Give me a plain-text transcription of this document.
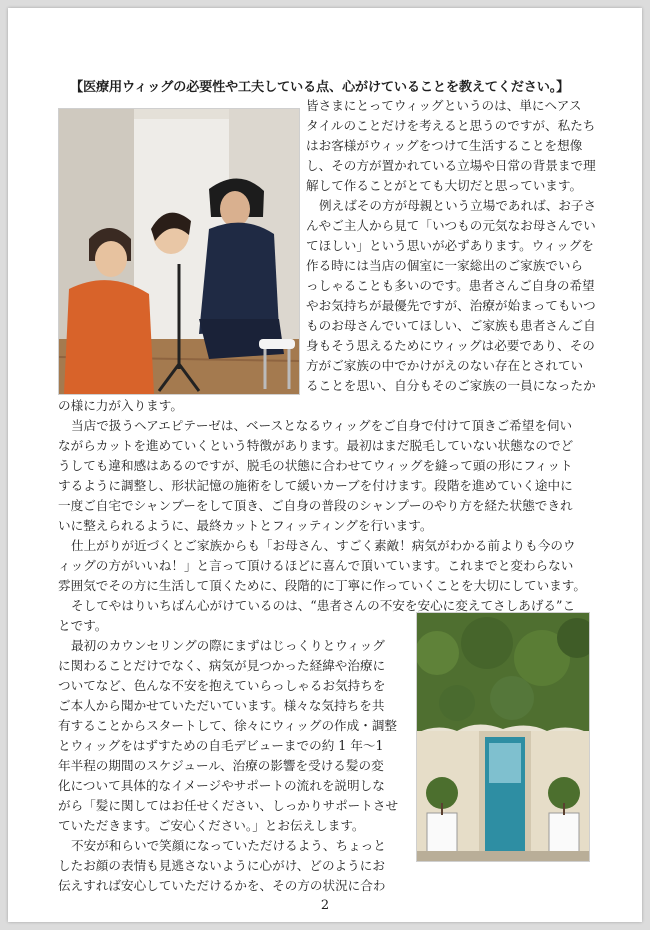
【医療用ウィッグの必要性や工夫している点、心がけていることを教えてください。】
皆さまにとってウィッグというのは、単にヘアス
タイルのことだけを考えると思うのですが、私たち
はお客様がウィッグをつけて生活することを想像
し、その方が置かれている立場や日常の背景まで理
解して作ることがとても大切だと思っています。
例えばその方が母親という立場であれば、お子さ
んやご主人から見て「いつもの元気なお母さんでい
てほしい」という思いが必ずあります。ウィッグを
作る時には当店の個室に一家総出のご家族でいら
っしゃることも多いのです。患者さんご自身の希望
やお気持ちが最優先ですが、治療が始まってもいつ
ものお母さんでいてほしい、ご家族も患者さんご自
身もそう思えるためにウィッグは必要であり、その
方がご家族の中でかけがえのない存在とされてい
ることを思い、自分もそのご家族の一員になったか
の様に力が入ります。
当店で扱うヘアエピテーゼは、ベースとなるウィッグをご自身で付けて頂きご希望を伺い
ながらカットを進めていくという特徴があります。最初はまだ脱毛していない状態なのでど
うしても違和感はあるのですが、脱毛の状態に合わせてウィッグを縫って頭の形にフィット
するように調整し、形状記憶の施術をして緩いカーブを付けます。段階を進めていく途中に
一度ご自宅でシャンプーをして頂き、ご自身の普段のシャンプーのやり方を経た状態できれ
いに整えられるように、最終カットとフィッティングを行います。
仕上がりが近づくとご家族からも「お母さん、すごく素敵！病気がわかる前よりも今のウ
ィッグの方がいいね！」と言って頂けるほどに喜んで頂いています。これまでと変わらない
雰囲気でその方に生活して頂くために、段階的に丁寧に作っていくことを大切にしています。
そしてやはりいちばん心がけているのは、“患者さんの不安を安心に変えてさしあげる”こ
とです。
最初のカウンセリングの際にまずはじっくりとウィッグ
に関わることだけでなく、病気が見つかった経緯や治療に
ついてなど、色んな不安を抱えていらっしゃるお気持ちを
ご本人から聞かせていただいています。様々な気持ちを共
有することからスタートして、徐々にウィッグの作成・調整
とウィッグをはずすための自毛デビューまでの約 1 年〜1
年半程の期間のスケジュール、治療の影響を受ける髪の変
化について具体的なイメージやサポートの流れを説明しな
がら「髪に関してはお任せください、しっかりサポートさせ
ていただきます。ご安心ください。」とお伝えします。
不安が和らいで笑顔になっていただけるよう、ちょっと
したお顔の表情も見逃さないように心がけ、どのようにお
伝えすれば安心していただけるかを、その方の状況に合わ
2
